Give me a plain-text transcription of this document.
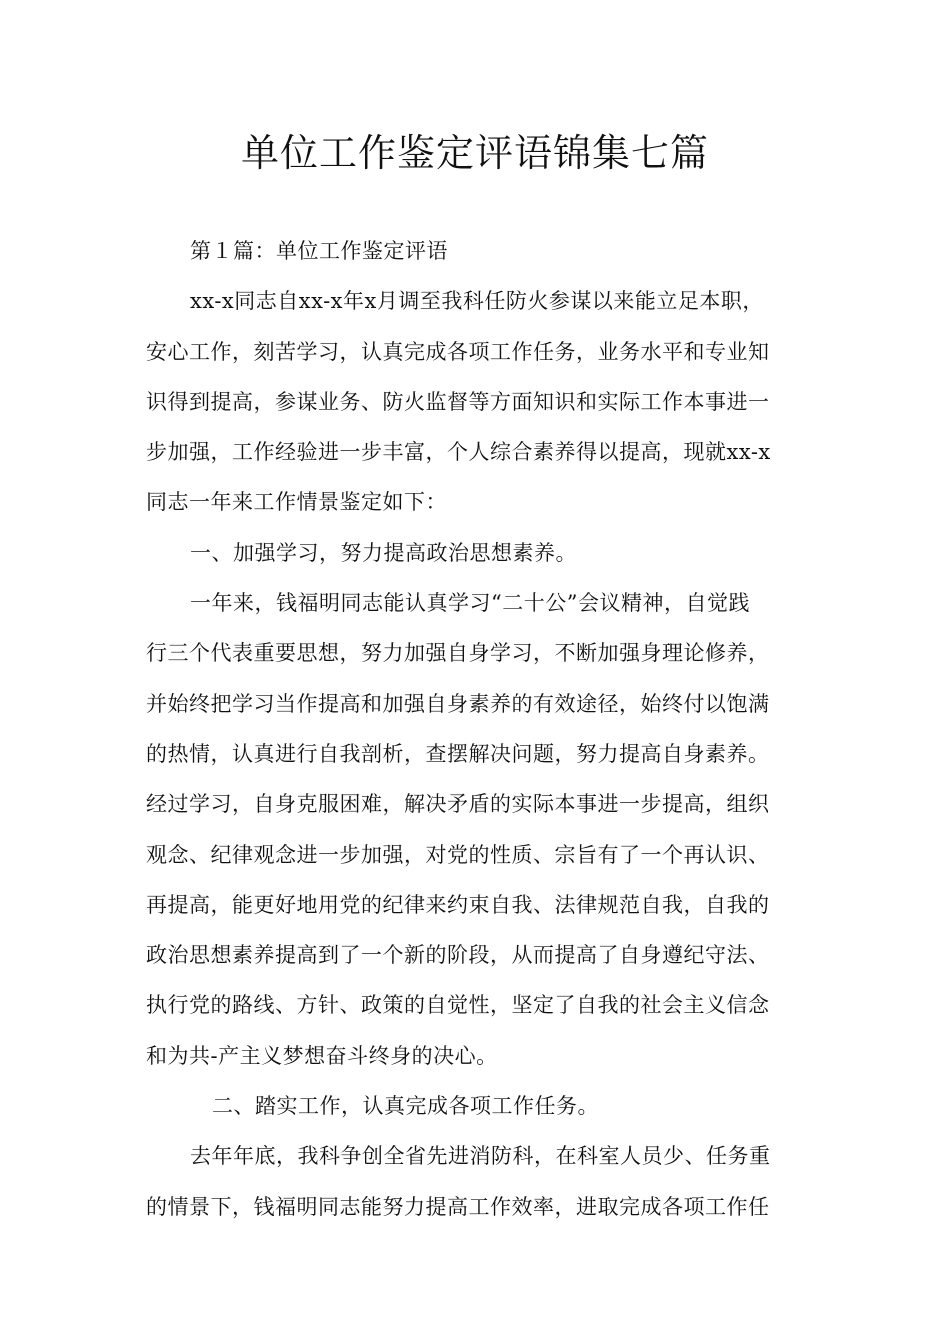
单位工作鉴定评语锦集七篇
第１篇：单位工作鉴定评语
xx-x同志自xx-x年x月调至我科任防火参谋以来能立足本职，
安心工作，刻苦学习，认真完成各项工作任务，业务水平和专业知
识得到提高，参谋业务、防火监督等方面知识和实际工作本事进一
步加强，工作经验进一步丰富，个人综合素养得以提高，现就xx-x
同志一年来工作情景鉴定如下：
一、加强学习，努力提高政治思想素养。
一年来，钱福明同志能认真学习“二十公”会议精神，自觉践
行三个代表重要思想，努力加强自身学习，不断加强身理论修养，
并始终把学习当作提高和加强自身素养的有效途径，始终付以饱满
的热情，认真进行自我剖析，查摆解决问题，努力提高自身素养。
经过学习，自身克服困难，解决矛盾的实际本事进一步提高，组织
观念、纪律观念进一步加强，对党的性质、宗旨有了一个再认识、
再提高，能更好地用党的纪律来约束自我、法律规范自我，自我的
政治思想素养提高到了一个新的阶段，从而提高了自身遵纪守法、
执行党的路线、方针、政策的自觉性，坚定了自我的社会主义信念
和为共-产主义梦想奋斗终身的决心。
二、踏实工作，认真完成各项工作任务。
去年年底，我科争创全省先进消防科，在科室人员少、任务重
的情景下，钱福明同志能努力提高工作效率，进取完成各项工作任
